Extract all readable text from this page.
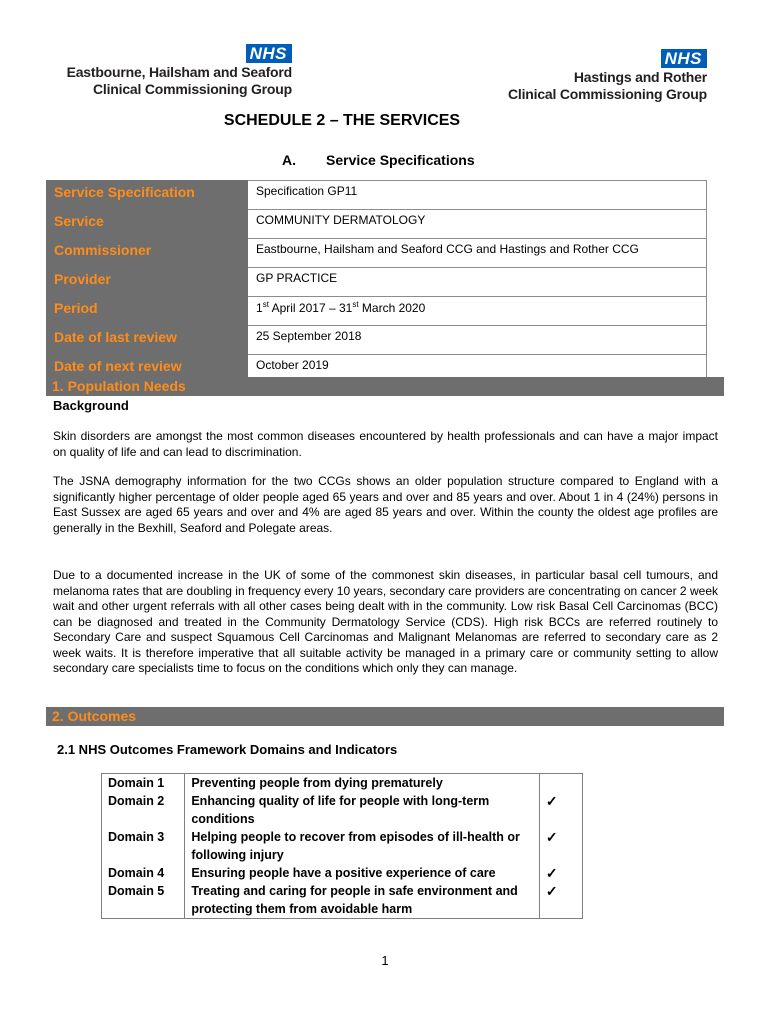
NHS
Eastbourne, Hailsham and Seaford
Clinical Commissioning Group
NHS
Hastings and Rother
Clinical Commissioning Group
SCHEDULE 2 – THE SERVICES
A. Service Specifications
Service Specification	Specification GP11
Service	COMMUNITY DERMATOLOGY
Commissioner	Eastbourne, Hailsham and Seaford CCG and Hastings and Rother CCG
Provider	GP PRACTICE
Period	1st April 2017 – 31st March 2020
Date of last review	25 September 2018
Date of next review	October 2019
1. Population Needs
Background
Skin disorders are amongst the most common diseases encountered by health professionals and can have a major impact on quality of life and can lead to discrimination.
The JSNA demography information for the two CCGs shows an older population structure compared to England with a significantly higher percentage of older people aged 65 years and over and 85 years and over. About 1 in 4 (24%) persons in East Sussex are aged 65 years and over and 4% are aged 85 years and over. Within the county the oldest age profiles are generally in the Bexhill, Seaford and Polegate areas.
Due to a documented increase in the UK of some of the commonest skin diseases, in particular basal cell tumours, and melanoma rates that are doubling in frequency every 10 years, secondary care providers are concentrating on cancer 2 week wait and other urgent referrals with all other cases being dealt with in the community. Low risk Basal Cell Carcinomas (BCC) can be diagnosed and treated in the Community Dermatology Service (CDS). High risk BCCs are referred routinely to Secondary Care and suspect Squamous Cell Carcinomas and Malignant Melanomas are referred to secondary care as 2 week waits. It is therefore imperative that all suitable activity be managed in a primary care or community setting to allow secondary care specialists time to focus on the conditions which only they can manage.
2. Outcomes
2.1 NHS Outcomes Framework Domains and Indicators
Domain 1	Preventing people from dying prematurely	
Domain 2	Enhancing quality of life for people with long-term conditions	✓
Domain 3	Helping people to recover from episodes of ill-health or following injury	✓
Domain 4	Ensuring people have a positive experience of care	✓
Domain 5	Treating and caring for people in safe environment and protecting them from avoidable harm	✓
1
